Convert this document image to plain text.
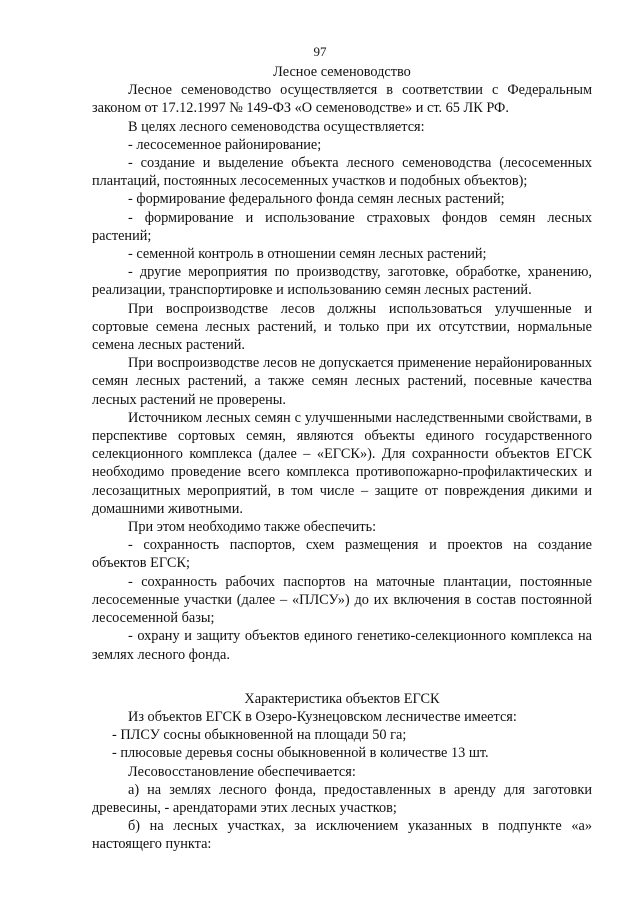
97

Лесное семеноводство

Лесное семеноводство осуществляется в соответствии с Федеральным законом от 17.12.1997 № 149-ФЗ «О семеноводстве» и ст. 65 ЛК РФ.

В целях лесного семеноводства осуществляется:

- лесосеменное районирование;

- создание и выделение объекта лесного семеноводства (лесосеменных плантаций, постоянных лесосеменных участков и подобных объектов);

- формирование федерального фонда семян лесных растений;

- формирование и использование страховых фондов семян лесных растений;

- семенной контроль в отношении семян лесных растений;

- другие мероприятия по производству, заготовке, обработке, хранению, реализации, транспортировке и использованию семян лесных растений.

При воспроизводстве лесов должны использоваться улучшенные и сортовые семена лесных растений, и только при их отсутствии, нормальные семена лесных растений.

При воспроизводстве лесов не допускается применение нерайонированных семян лесных растений, а также семян лесных растений, посевные качества лесных растений не проверены.

Источником лесных семян с улучшенными наследственными свойствами, в перспективе сортовых семян, являются объекты единого государственного селекционного комплекса (далее – «ЕГСК»). Для сохранности объектов ЕГСК необходимо проведение всего комплекса противопожарно-профилактических и лесозащитных мероприятий, в том числе – защите от повреждения дикими и домашними животными.

При этом необходимо также обеспечить:

- сохранность паспортов, схем размещения и проектов на создание объектов ЕГСК;

- сохранность рабочих паспортов на маточные плантации, постоянные лесосеменные участки (далее – «ПЛСУ») до их включения в состав постоянной лесосеменной базы;

- охрану и защиту объектов единого генетико-селекционного комплекса на землях лесного фонда.

Характеристика объектов ЕГСК

Из объектов ЕГСК в Озеро-Кузнецовском лесничестве имеется:

- ПЛСУ сосны обыкновенной на площади 50 га;

- плюсовые деревья сосны обыкновенной в количестве 13 шт.

Лесовосстановление обеспечивается:

а) на землях лесного фонда, предоставленных в аренду для заготовки древесины, - арендаторами этих лесных участков;

б) на лесных участках, за исключением указанных в подпункте «а» настоящего пункта:
